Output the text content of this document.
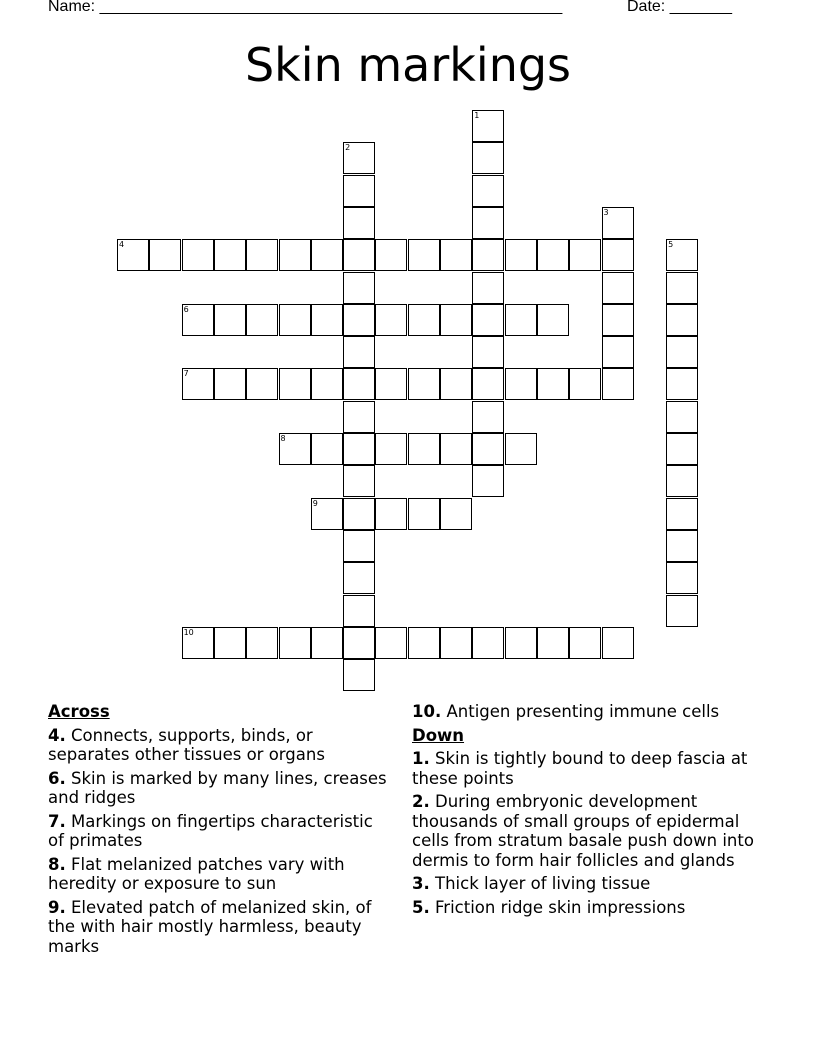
Name: ____________________________________________________	Date: _______
Skin markings
1
2
3
4	5
6
7
8
9
10
Across
4. Connects, supports, binds, or separates other tissues or organs
6. Skin is marked by many lines, creases and ridges
7. Markings on fingertips characteristic of primates
8. Flat melanized patches vary with heredity or exposure to sun
9. Elevated patch of melanized skin, of the with hair mostly harmless, beauty marks
10. Antigen presenting immune cells
Down
1. Skin is tightly bound to deep fascia at these points
2. During embryonic development thousands of small groups of epidermal cells from stratum basale push down into dermis to form hair follicles and glands
3. Thick layer of living tissue
5. Friction ridge skin impressions
